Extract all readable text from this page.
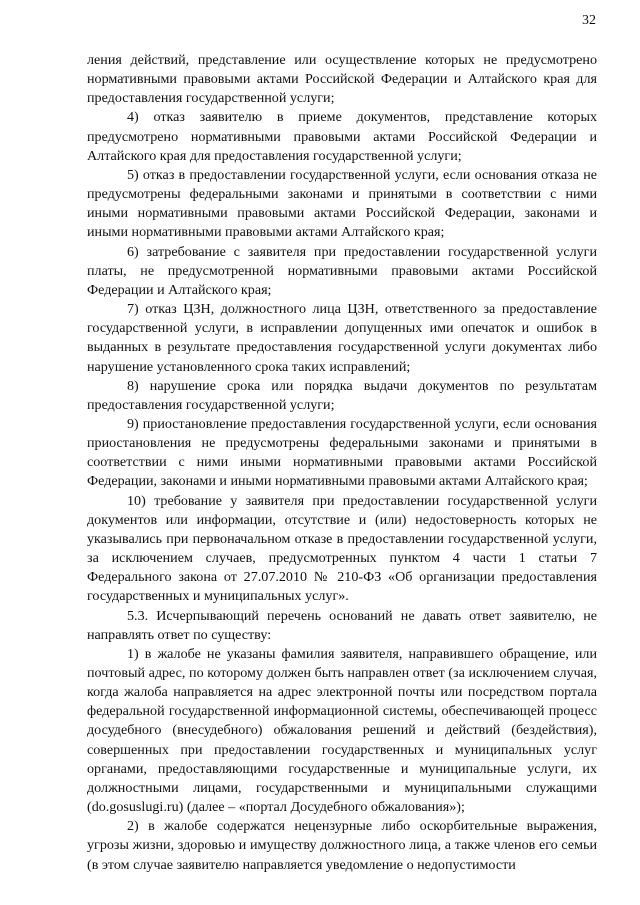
32

ления действий, представление или осуществление которых не предусмотрено нормативными правовыми актами Российской Федерации и Алтайского края для предоставления государственной услуги;

4) отказ заявителю в приеме документов, представление которых предусмотрено нормативными правовыми актами Российской Федерации и Алтайского края для предоставления государственной услуги;

5) отказ в предоставлении государственной услуги, если основания отказа не предусмотрены федеральными законами и принятыми в соответствии с ними иными нормативными правовыми актами Российской Федерации, законами и иными нормативными правовыми актами Алтайского края;

6) затребование с заявителя при предоставлении государственной услуги платы, не предусмотренной нормативными правовыми актами Российской Федерации и Алтайского края;

7) отказ ЦЗН, должностного лица ЦЗН, ответственного за предоставление государственной услуги, в исправлении допущенных ими опечаток и ошибок в выданных в результате предоставления государственной услуги документах либо нарушение установленного срока таких исправлений;

8) нарушение срока или порядка выдачи документов по результатам предоставления государственной услуги;

9) приостановление предоставления государственной услуги, если основания приостановления не предусмотрены федеральными законами и принятыми в соответствии с ними иными нормативными правовыми актами Российской Федерации, законами и иными нормативными правовыми актами Алтайского края;

10) требование у заявителя при предоставлении государственной услуги документов или информации, отсутствие и (или) недостоверность которых не указывались при первоначальном отказе в предоставлении государственной услуги, за исключением случаев, предусмотренных пунктом 4 части 1 статьи 7 Федерального закона от 27.07.2010 № 210-ФЗ «Об организации предоставления государственных и муниципальных услуг».

5.3. Исчерпывающий перечень оснований не давать ответ заявителю, не направлять ответ по существу:

1) в жалобе не указаны фамилия заявителя, направившего обращение, или почтовый адрес, по которому должен быть направлен ответ (за исключением случая, когда жалоба направляется на адрес электронной почты или посредством портала федеральной государственной информационной системы, обеспечивающей процесс досудебного (внесудебного) обжалования решений и действий (бездействия), совершенных при предоставлении государственных и муниципальных услуг органами, предоставляющими государственные и муниципальные услуги, их должностными лицами, государственными и муниципальными служащими (do.gosuslugi.ru) (далее – «портал Досудебного обжалования»);

2) в жалобе содержатся нецензурные либо оскорбительные выражения, угрозы жизни, здоровью и имуществу должностного лица, а также членов его семьи (в этом случае заявителю направляется уведомление о недопустимости
